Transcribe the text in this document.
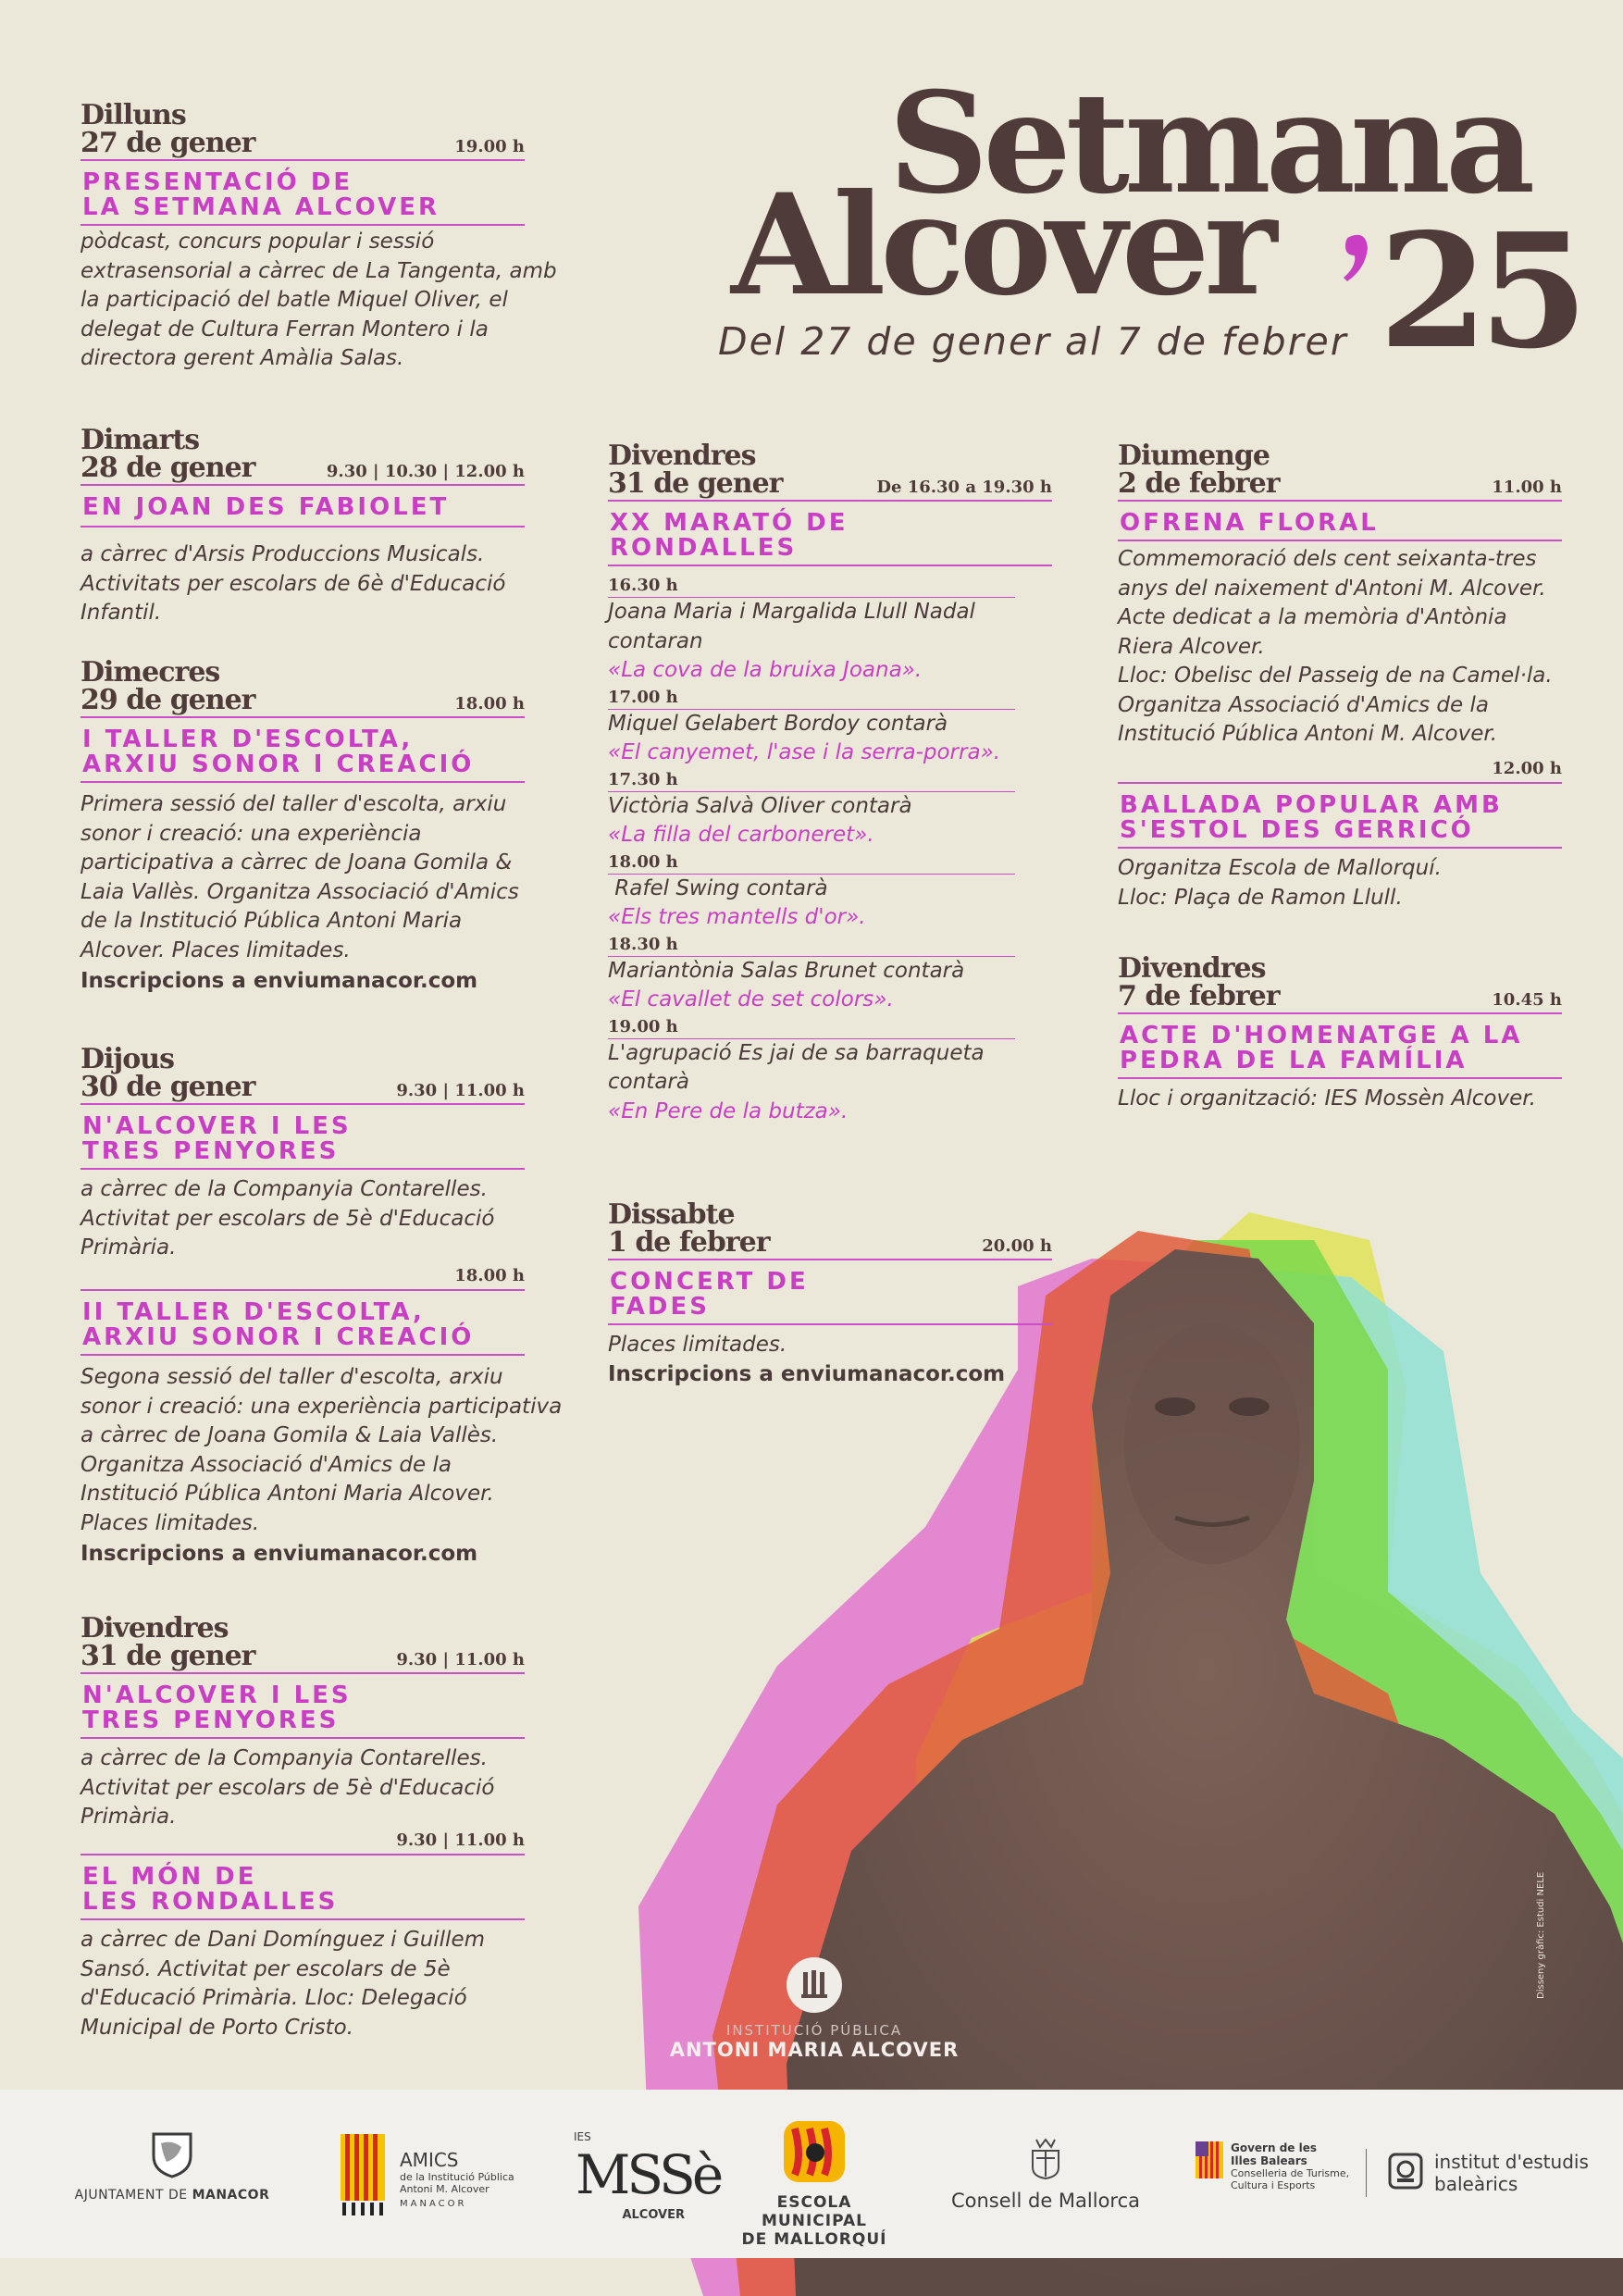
Setmana
Alcover 25
Del 27 de gener al 7 de febrer
Dilluns
27 de gener	19.00 h
PRESENTACIÓ DE
LA SETMANA ALCOVER
pòdcast, concurs popular i sessió
extrasensorial a càrrec de La Tangenta, amb
la participació del batle Miquel Oliver, el
delegat de Cultura Ferran Montero i la
directora gerent Amàlia Salas.
Dimarts
28 de gener	9.30 | 10.30 | 12.00 h
EN JOAN DES FABIOLET
a càrrec d'Arsis Produccions Musicals.
Activitats per escolars de 6è d'Educació
Infantil.
Dimecres
29 de gener	18.00 h
I TALLER D'ESCOLTA,
ARXIU SONOR I CREACIÓ
Primera sessió del taller d'escolta, arxiu
sonor i creació: una experiència
participativa a càrrec de Joana Gomila &
Laia Vallès. Organitza Associació d'Amics
de la Institució Pública Antoni Maria
Alcover. Places limitades.
Inscripcions a enviumanacor.com
Dijous
30 de gener	9.30 | 11.00 h
N'ALCOVER I LES
TRES PENYORES
a càrrec de la Companyia Contarelles.
Activitat per escolars de 5è d'Educació
Primària.
18.00 h
II TALLER D'ESCOLTA,
ARXIU SONOR I CREACIÓ
Segona sessió del taller d'escolta, arxiu
sonor i creació: una experiència participativa
a càrrec de Joana Gomila & Laia Vallès.
Organitza Associació d'Amics de la
Institució Pública Antoni Maria Alcover.
Places limitades.
Inscripcions a enviumanacor.com
Divendres
31 de gener	9.30 | 11.00 h
N'ALCOVER I LES
TRES PENYORES
a càrrec de la Companyia Contarelles.
Activitat per escolars de 5è d'Educació
Primària.
9.30 | 11.00 h
EL MÓN DE
LES RONDALLES
a càrrec de Dani Domínguez i Guillem
Sansó. Activitat per escolars de 5è
d'Educació Primària. Lloc: Delegació
Municipal de Porto Cristo.
Divendres
31 de gener	De 16.30 a 19.30 h
XX MARATÓ DE
RONDALLES
16.30 h
Joana Maria i Margalida Llull Nadal
contaran
«La cova de la bruixa Joana».
17.00 h
Miquel Gelabert Bordoy contarà
«El canyemet, l'ase i la serra-porra».
17.30 h
Victòria Salvà Oliver contarà
«La filla del carboneret».
18.00 h
Rafel Swing contarà
«Els tres mantells d'or».
18.30 h
Mariantònia Salas Brunet contarà
«El cavallet de set colors».
19.00 h
L'agrupació Es jai de sa barraqueta
contarà
«En Pere de la butza».
Dissabte
1 de febrer	20.00 h
CONCERT DE
FADES
Places limitades.
Inscripcions a enviumanacor.com
Diumenge
2 de febrer	11.00 h
OFRENA FLORAL
Commemoració dels cent seixanta-tres
anys del naixement d'Antoni M. Alcover.
Acte dedicat a la memòria d'Antònia
Riera Alcover.
Lloc: Obelisc del Passeig de na Camel·la.
Organitza Associació d'Amics de la
Institució Pública Antoni M. Alcover.
12.00 h
BALLADA POPULAR AMB
S'ESTOL DES GERRICÓ
Organitza Escola de Mallorquí.
Lloc: Plaça de Ramon Llull.
Divendres
7 de febrer	10.45 h
ACTE D'HOMENATGE A LA
PEDRA DE LA FAMÍLIA
Lloc i organització: IES Mossèn Alcover.
INSTITUCIÓ PÚBLICA
ANTONI MARIA ALCOVER
Disseny gràfic: Estudi NELE
AJUNTAMENT DE MANACOR
AMICS
de la Institució Pública
Antoni M. Alcover
MANACOR
IES
MSSè
ALCOVER
ESCOLA MUNICIPAL
DE MALLORQUÍ
Consell de Mallorca
Govern de les
Illes Balears
Conselleria de Turisme,
Cultura i Esports
institut d'estudis
baleàrics
